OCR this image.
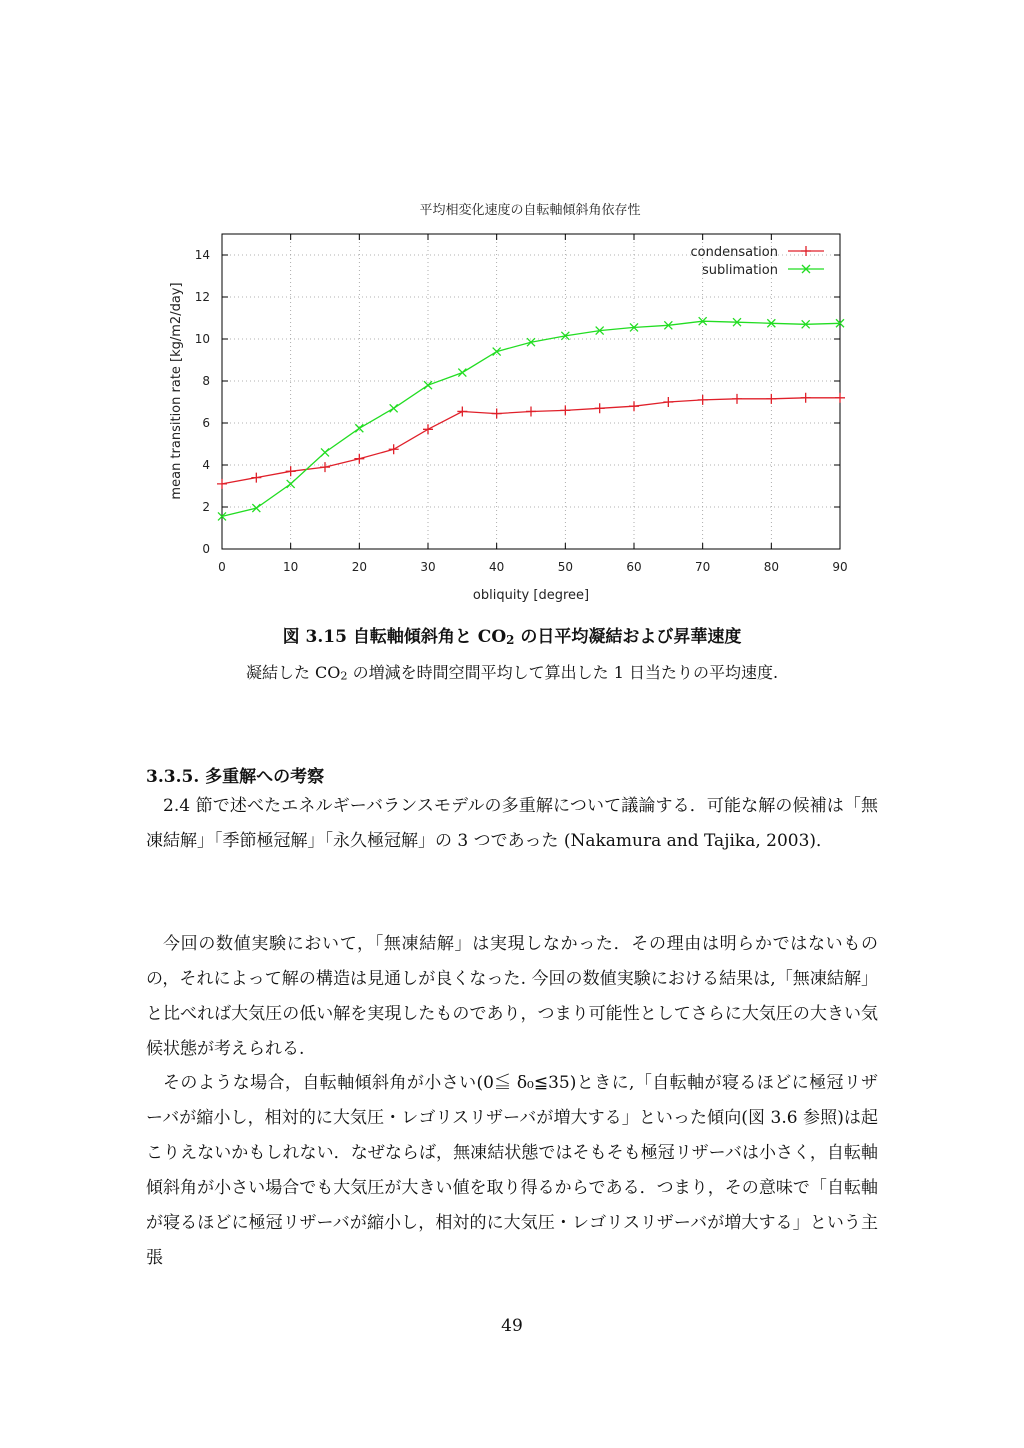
平均相変化速度の自転軸傾斜角依存性
0	10	20	30	40	50	60	70	80	90
0
2
4
6
8
10
12
14
obliquity [degree]
mean transition rate [kg/m2/day]
condensation
sublimation
図 3.15 自転軸傾斜角と $CO_2$ の日平均凝結および昇華速度
凝結した $CO_2$ の増減を時間空間平均して算出した 1 日当たりの平均速度.
3.3.5. 多重解への考察

2.4 節で述べたエネルギーバランスモデルの多重解について議論する．可能な解の候補は「無凍結解」「季節極冠解」「永久極冠解」の 3 つであった (Nakamura and Tajika, 2003)．

今回の数値実験において，「無凍結解」は実現しなかった．その理由は明らかではないものの，それによって解の構造は見通しが良くなった. 今回の数値実験における結果は,「無凍結解」と比べれば大気圧の低い解を実現したものであり，つまり可能性としてさらに大気圧の大きい気候状態が考えられる.

そのような場合，自転軸傾斜角が小さい(0≦ δ₀≦35)ときに,「自転軸が寝るほどに極冠リザーバが縮小し，相対的に大気圧・レゴリスリザーバが増大する」といった傾向(図 3.6 参照)は起こりえないかもしれない．なぜならば，無凍結状態ではそもそも極冠リザーバは小さく，自転軸傾斜角が小さい場合でも大気圧が大きい値を取り得るからである．つまり，その意味で「自転軸が寝るほどに極冠リザーバが縮小し，相対的に大気圧・レゴリスリザーバが増大する」という主張

49
